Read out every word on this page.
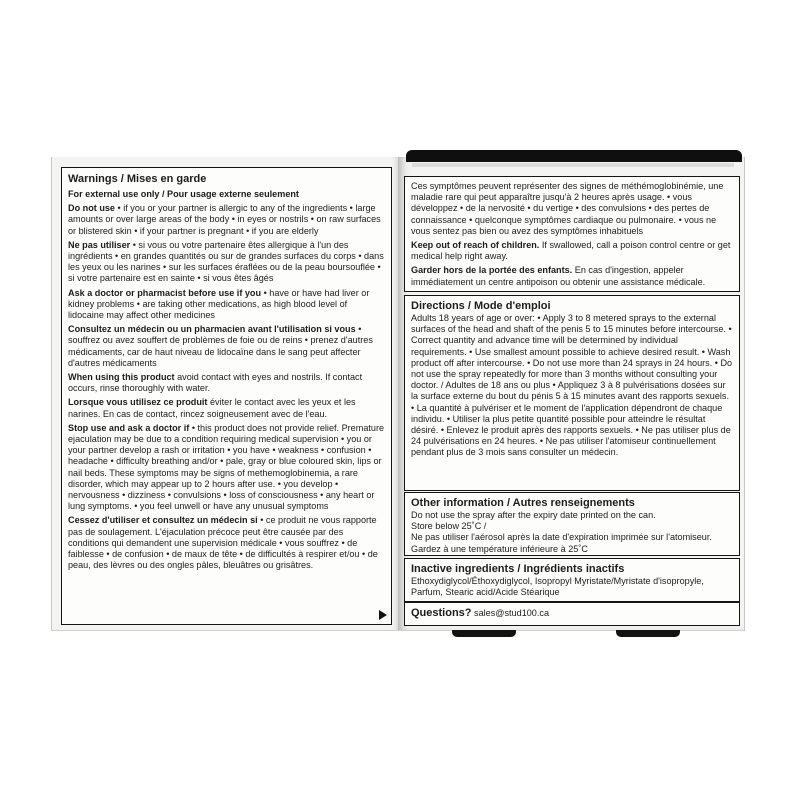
Warnings / Mises en garde

For external use only / Pour usage externe seulement

Do not use • if you or your partner is allergic to any of the ingredients • large amounts or over large areas of the body • in eyes or nostrils • on raw surfaces or blistered skin • if your partner is pregnant • if you are elderly

Ne pas utiliser • si vous ou votre partenaire êtes allergique à l'un des ingrédients • en grandes quantités ou sur de grandes surfaces du corps • dans les yeux ou les narines • sur les surfaces éraflées ou de la peau boursouflée • si votre partenaire est en sainte • si vous êtes âgés

Ask a doctor or pharmacist before use if you • have or have had liver or kidney problems • are taking other medications, as high blood level of lidocaine may affect other medicines

Consultez un médecin ou un pharmacien avant l'utilisation si vous • souffrez ou avez souffert de problèmes de foie ou de reins • prenez d'autres médicaments, car de haut niveau de lidocaïne dans le sang peut affecter d'autres médicaments

When using this product avoid contact with eyes and nostrils. If contact occurs, rinse thoroughly with water.

Lorsque vous utilisez ce produit éviter le contact avec les yeux et les narines. En cas de contact, rincez soigneusement avec de l'eau.

Stop use and ask a doctor if • this product does not provide relief. Premature ejaculation may be due to a condition requiring medical supervision • you or your partner develop a rash or irritation • you have • weakness • confusion • headache • difficulty breathing and/or • pale, gray or blue coloured skin, lips or nail beds. These symptoms may be signs of methemoglobinemia, a rare disorder, which may appear up to 2 hours after use. • you develop • nervousness • dizziness • convulsions • loss of consciousness • any heart or lung symptoms. • you feel unwell or have any unusual symptoms

Cessez d'utiliser et consultez un médecin si • ce produit ne vous rapporte pas de soulagement. L'éjaculation précoce peut être causée par des conditions qui demandent une supervision médicale • vous souffrez • de faiblesse • de confusion • de maux de tête • de difficultés à respirer et/ou • de peau, des lèvres ou des ongles pâles, bleuâtres ou grisâtres.

Ces symptômes peuvent représenter des signes de méthémoglobinémie, une maladie rare qui peut apparaître jusqu'à 2 heures après usage. • vous développez • de la nervosité • du vertige • des convulsions • des pertes de connaissance • quelconque symptômes cardiaque ou pulmonaire. • vous ne vous sentez pas bien ou avez des symptômes inhabituels

Keep out of reach of children. If swallowed, call a poison control centre or get medical help right away.

Garder hors de la portée des enfants. En cas d'ingestion, appeler immédiatement un centre antipoison ou obtenir une assistance médicale.

Directions / Mode d'emploi

Adults 18 years of age or over: • Apply 3 to 8 metered sprays to the external surfaces of the head and shaft of the penis 5 to 15 minutes before intercourse. • Correct quantity and advance time will be determined by individual requirements. • Use smallest amount possible to achieve desired result. • Wash product off after intercourse. • Do not use more than 24 sprays in 24 hours. • Do not use the spray repeatedly for more than 3 months without consulting your doctor. / Adultes de 18 ans ou plus • Appliquez 3 à 8 pulvérisations dosées sur la surface externe du bout du pénis 5 à 15 minutes avant des rapports sexuels. • La quantité à pulvériser et le moment de l'application dépendront de chaque individu. • Utiliser la plus petite quantité possible pour atteindre le résultat désiré. • Enlevez le produit après des rapports sexuels. • Ne pas utiliser plus de 24 pulvérisations en 24 heures. • Ne pas utiliser l'atomiseur continuellement pendant plus de 3 mois sans consulter un médecin.

Other information / Autres renseignements

Do not use the spray after the expiry date printed on the can.

Store below 25˚C /

Ne pas utiliser l'aérosol après la date d'expiration imprimée sur l'atomiseur. Gardez à une température inférieure à 25˚C

Inactive ingredients / Ingrédients inactifs

Ethoxydiglycol/Éthoxydiglycol, Isopropyl Myristate/Myristate d'isopropyle, Parfum, Stearic acid/Acide Stéarique

Questions? sales@stud100.ca
